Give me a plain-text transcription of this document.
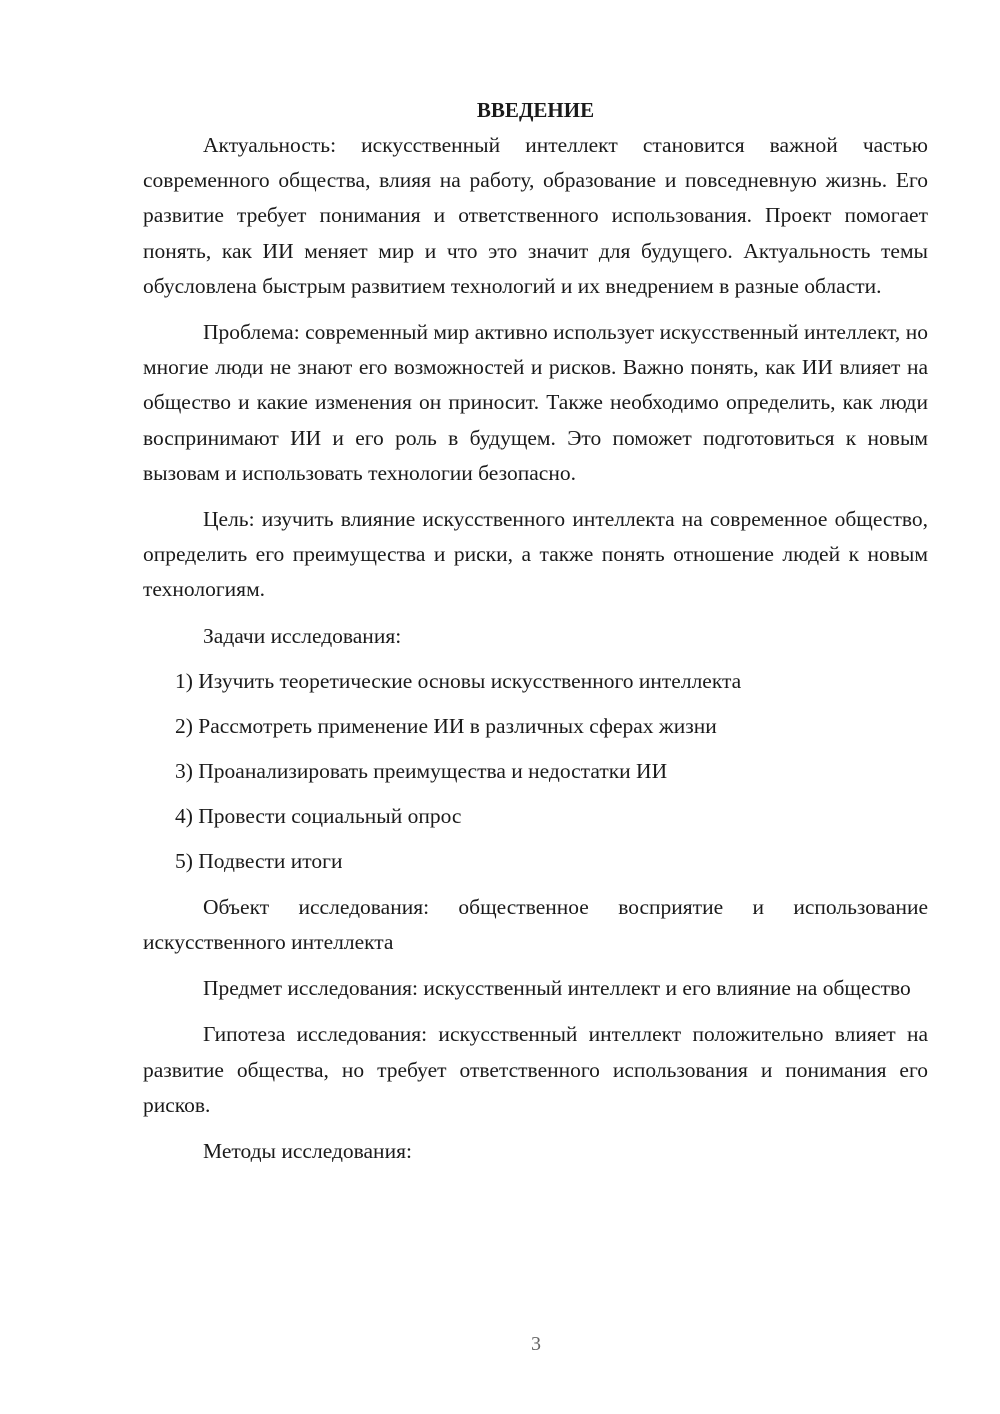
ВВЕДЕНИЕ

Актуальность: искусственный интеллект становится важной частью современного общества, влияя на работу, образование и повседневную жизнь. Его развитие требует понимания и ответственного использования. Проект помогает понять, как ИИ меняет мир и что это значит для будущего. Актуальность темы обусловлена быстрым развитием технологий и их внедрением в разные области.

Проблема: современный мир активно использует искусственный интеллект, но многие люди не знают его возможностей и рисков. Важно понять, как ИИ влияет на общество и какие изменения он приносит. Также необходимо определить, как люди воспринимают ИИ и его роль в будущем. Это поможет подготовиться к новым вызовам и использовать технологии безопасно.

Цель: изучить влияние искусственного интеллекта на современное общество, определить его преимущества и риски, а также понять отношение людей к новым технологиям.

Задачи исследования:

1) Изучить теоретические основы искусственного интеллекта
2) Рассмотреть применение ИИ в различных сферах жизни
3) Проанализировать преимущества и недостатки ИИ
4) Провести социальный опрос
5) Подвести итоги

Объект исследования: общественное восприятие и использование искусственного интеллекта

Предмет исследования: искусственный интеллект и его влияние на общество

Гипотеза исследования: искусственный интеллект положительно влияет на развитие общества, но требует ответственного использования и понимания его рисков.

Методы исследования:

3
